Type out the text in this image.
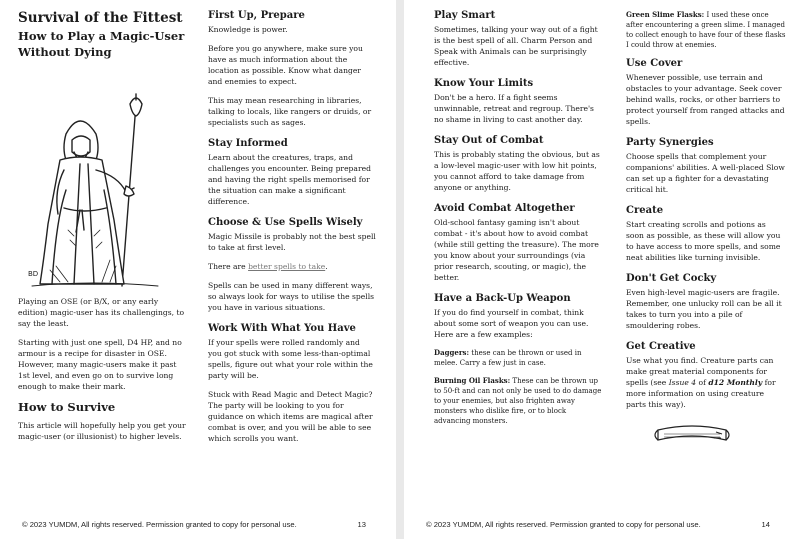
Survival of the Fittest
How to Play a Magic-User
Without Dying
BD

Playing an OSE (or B/X, or any early edition) magic-user has its challengings, to say the least.

Starting with just one spell, D4 HP, and no armour is a recipe for disaster in OSE. However, many magic-users make it past 1st level, and even go on to survive long enough to make their mark.

How to Survive

This article will hopefully help you get your magic-user (or illusionist) to higher levels.

First Up, Prepare

Knowledge is power.

Before you go anywhere, make sure you have as much information about the location as possible. Know what danger and enemies to expect.

This may mean researching in libraries, talking to locals, like rangers or druids, or specialists such as sages.

Stay Informed

Learn about the creatures, traps, and challenges you encounter. Being prepared and having the right spells memorised for the situation can make a significant difference.

Choose & Use Spells Wisely

Magic Missile is probably not the best spell to take at first level.

There are better spells to take.

Spells can be used in many different ways, so always look for ways to utilise the spells you have in various situations.

Work With What You Have

If your spells were rolled randomly and you got stuck with some less-than-optimal spells, figure out what your role within the party will be.

Stuck with Read Magic and Detect Magic? The party will be looking to you for guidance on which items are magical after combat is over, and you will be able to see which scrolls you want.

© 2023 YUMDM, All rights reserved. Permission granted to copy for personal use.	13
Play Smart

Sometimes, talking your way out of a fight is the best spell of all. Charm Person and Speak with Animals can be surprisingly effective.

Know Your Limits

Don't be a hero. If a fight seems unwinnable, retreat and regroup. There's no shame in living to cast another day.

Stay Out of Combat

This is probably stating the obvious, but as a low-level magic-user with low hit points, you cannot afford to take damage from anyone or anything.

Avoid Combat Altogether

Old-school fantasy gaming isn't about combat - it's about how to avoid combat (while still getting the treasure). The more you know about your surroundings (via prior research, scouting, or magic), the better.

Have a Back-Up Weapon

If you do find yourself in combat, think about some sort of weapon you can use. Here are a few examples:

Daggers: these can be thrown or used in melee. Carry a few just in case.

Burning Oil Flasks: These can be thrown up to 50-ft and can not only be used to do damage to your enemies, but also frighten away monsters who dislike fire, or to block advancing monsters.

Green Slime Flasks: I used these once after encountering a green slime. I managed to collect enough to have four of these flasks I could throw at enemies.

Use Cover

Whenever possible, use terrain and obstacles to your advantage. Seek cover behind walls, rocks, or other barriers to protect yourself from ranged attacks and spells.

Party Synergies

Choose spells that complement your companions' abilities. A well-placed Slow can set up a fighter for a devastating critical hit.

Create

Start creating scrolls and potions as soon as possible, as these will allow you to have access to more spells, and some neat abilities like turning invisible.

Don't Get Cocky

Even high-level magic-users are fragile. Remember, one unlucky roll can be all it takes to turn you into a pile of smouldering robes.

Get Creative

Use what you find. Creature parts can make great material components for spells (see Issue 4 of d12 Monthly for more information on using creature parts this way).

© 2023 YUMDM, All rights reserved. Permission granted to copy for personal use.	14
